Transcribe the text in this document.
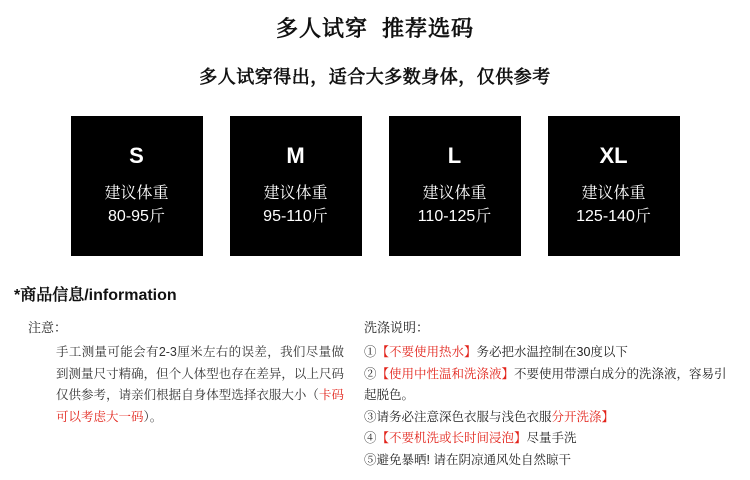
多人试穿 推荐选码
多人试穿得出，适合大多数身体，仅供参考
S
建议体重
80-95斤
M
建议体重
95-110斤
L
建议体重
110-125斤
XL
建议体重
125-140斤
*商品信息/information
注意：
手工测量可能会有2-3厘米左右的误差，我们尽量做到测量尺寸精确，但个人体型也存在差异，以上尺码仅供参考，请亲们根据自身体型选择衣服大小（卡码可以考虑大一码）。
洗涤说明：
①【不要使用热水】务必把水温控制在30度以下
②【使用中性温和洗涤液】不要使用带漂白成分的洗涤液，容易引起脱色。
③请务必注意深色衣服与浅色衣服分开洗涤】
④【不要机洗或长时间浸泡】尽量手洗
⑤避免暴晒! 请在阴凉通风处自然晾干
